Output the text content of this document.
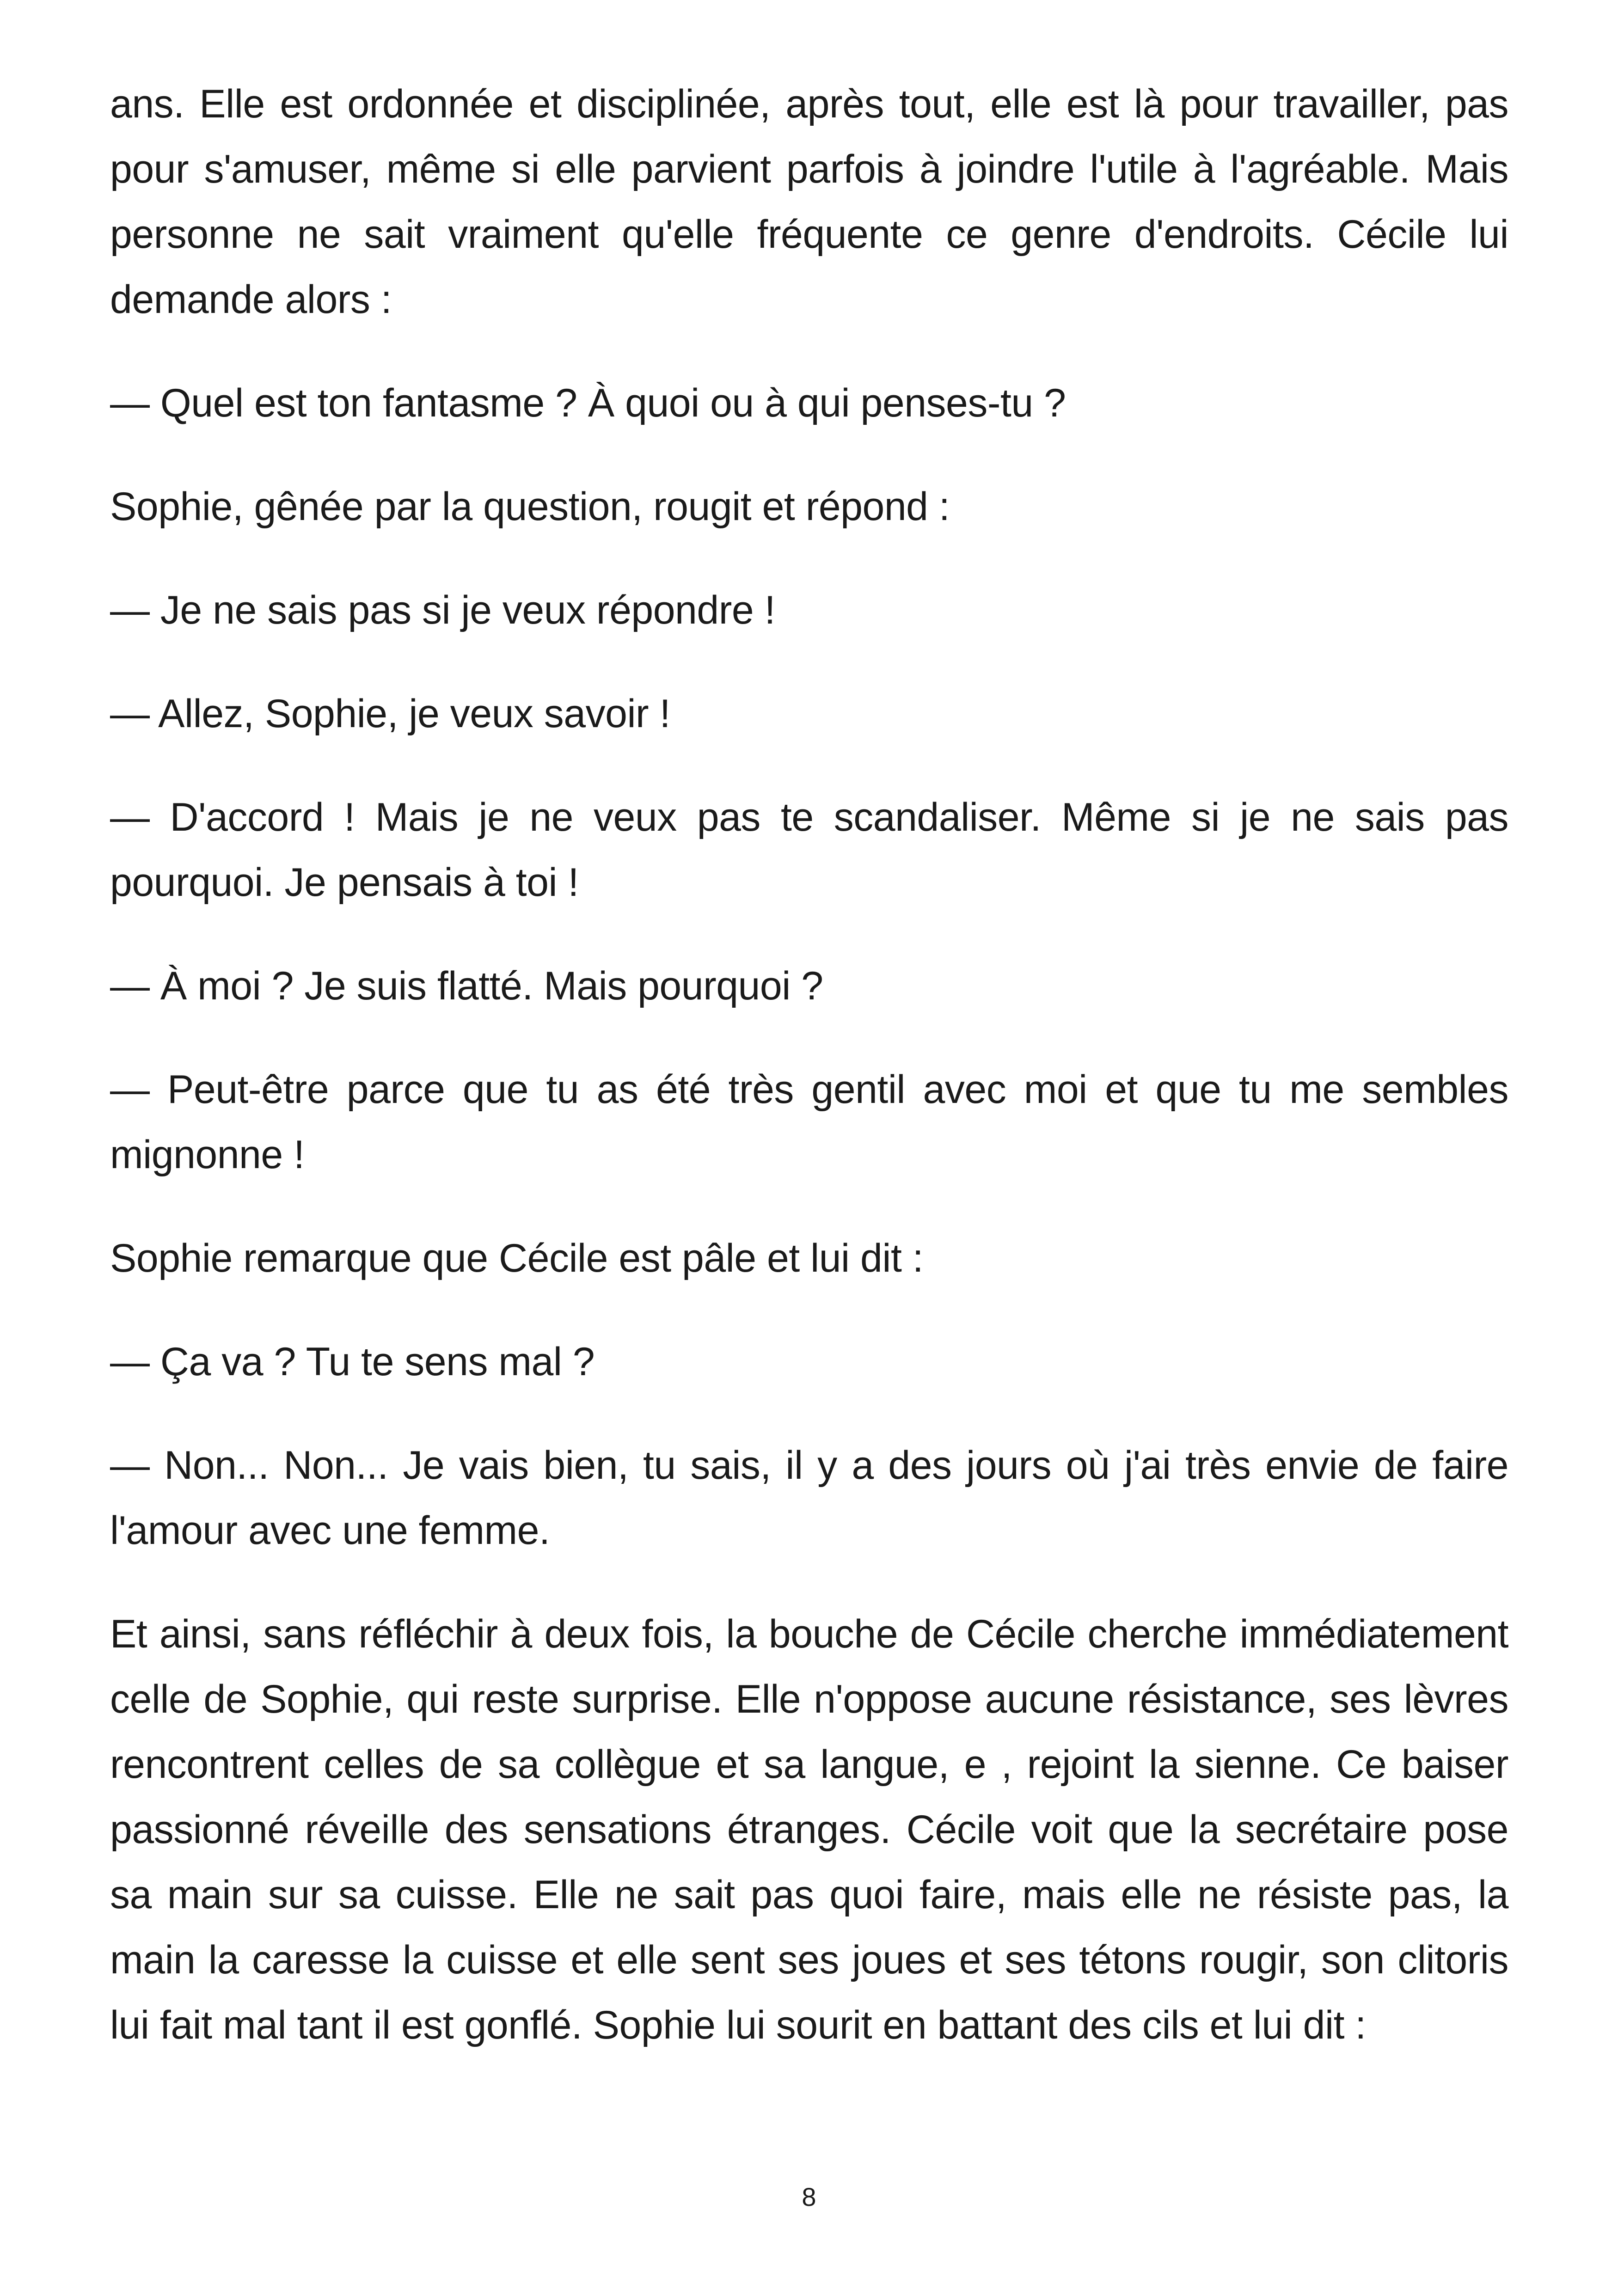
ans. Elle est ordonnée et disciplinée, après tout, elle est là pour travailler, pas pour s'amuser, même si elle parvient parfois à joindre l'utile à l'agréable. Mais personne ne sait vraiment qu'elle fréquente ce genre d'endroits. Cécile lui demande alors :

— Quel est ton fantasme ? À quoi ou à qui penses-tu ?

Sophie, gênée par la question, rougit et répond :

— Je ne sais pas si je veux répondre !

— Allez, Sophie, je veux savoir !

— D'accord ! Mais je ne veux pas te scandaliser. Même si je ne sais pas pourquoi. Je pensais à toi !

— À moi ? Je suis flatté. Mais pourquoi ?

— Peut-être parce que tu as été très gentil avec moi et que tu me sembles mignonne !

Sophie remarque que Cécile est pâle et lui dit :

— Ça va ? Tu te sens mal ?

— Non... Non... Je vais bien, tu sais, il y a des jours où j'ai très envie de faire l'amour avec une femme.

Et ainsi, sans réfléchir à deux fois, la bouche de Cécile cherche immédiatement celle de Sophie, qui reste surprise. Elle n'oppose aucune résistance, ses lèvres rencontrent celles de sa collègue et sa langue, e , rejoint la sienne. Ce baiser passionné réveille des sensations étranges. Cécile voit que la secrétaire pose sa main sur sa cuisse. Elle ne sait pas quoi faire, mais elle ne résiste pas, la main la caresse la cuisse et elle sent ses joues et ses tétons rougir, son clitoris lui fait mal tant il est gonflé. Sophie lui sourit en battant des cils et lui dit :

8
